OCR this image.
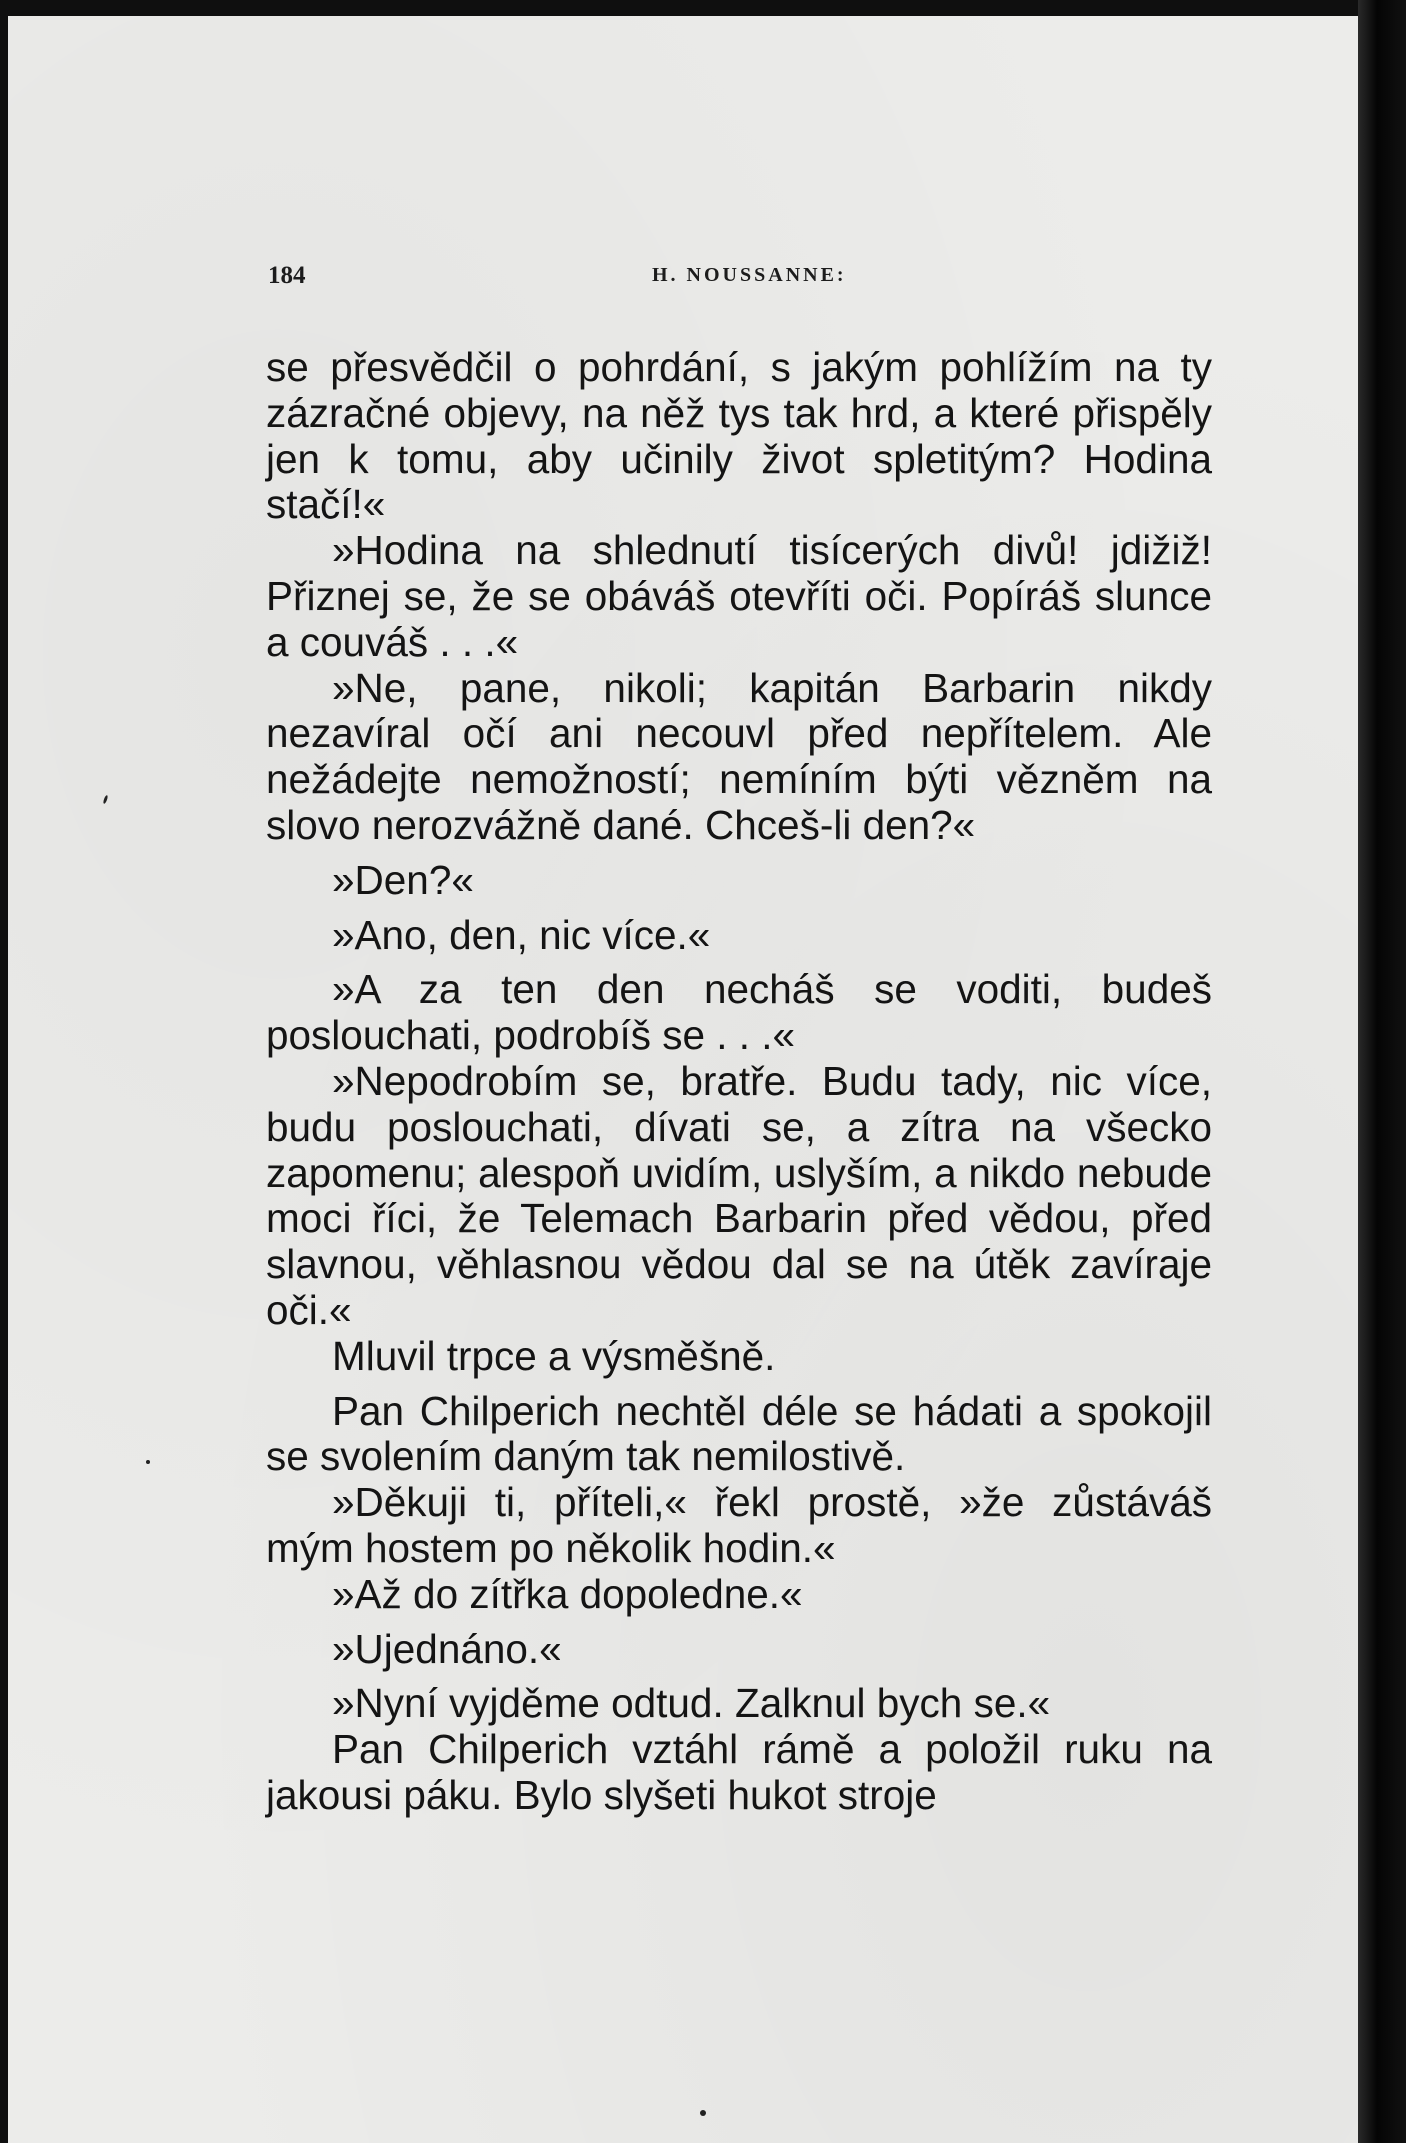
184	H. NOUSSANNE:

se přesvědčil o pohrdání, s jakým pohlížím na ty zázračné objevy, na něž tys tak hrd, a které přispěly jen k tomu, aby učinily život spletitým? Hodina stačí!«

»Hodina na shlednutí tisícerých divů! jdižiž! Přiznej se, že se obáváš otevříti oči. Popíráš slunce a couváš . . .«

»Ne, pane, nikoli; kapitán Barbarin nikdy nezavíral očí ani necouvl před nepřítelem. Ale nežádejte nemožností; nemíním býti vězněm na slovo nerozvážně dané. Chceš-li den?«

»Den?«

»Ano, den, nic více.«

»A za ten den necháš se voditi, budeš poslouchati, podrobíš se . . .«

»Nepodrobím se, bratře. Budu tady, nic více, budu poslouchati, dívati se, a zítra na všecko zapomenu; alespoň uvidím, uslyším, a nikdo nebude moci říci, že Telemach Barbarin před vědou, před slavnou, věhlasnou vědou dal se na útěk zavíraje oči.«

Mluvil trpce a výsměšně.

Pan Chilperich nechtěl déle se hádati a spokojil se svolením daným tak nemilostivě.

»Děkuji ti, příteli,« řekl prostě, »že zůstáváš mým hostem po několik hodin.«

»Až do zítřka dopoledne.«

»Ujednáno.«

»Nyní vyjděme odtud. Zalknul bych se.«

Pan Chilperich vztáhl rámě a položil ruku na jakousi páku. Bylo slyšeti hukot stroje
